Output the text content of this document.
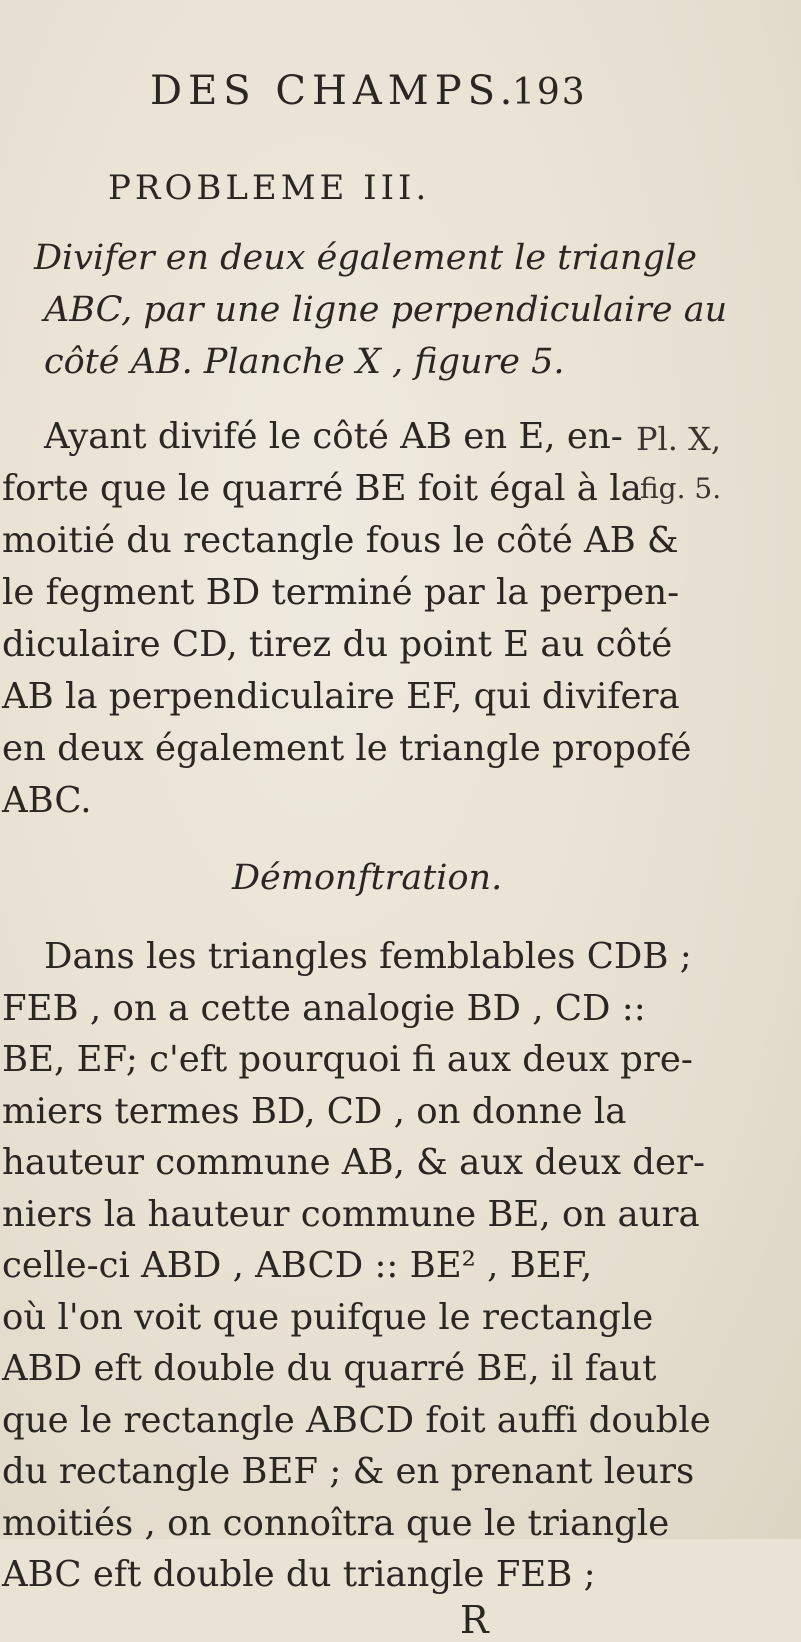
DES CHAMPS.
193
PROBLEME III.
Divifer en deux également le triangle
ABC, par une ligne perpendiculaire au
côté AB. Planche X , figure 5.
Ayant divifé le côté AB en E, en-
forte que le quarré BE foit égal à la
moitié du rectangle fous le côté AB &
le fegment BD terminé par la perpen-
diculaire CD, tirez du point E au côté
AB la perpendiculaire EF, qui divifera
en deux également le triangle propofé
ABC.
Pl. X,
fig. 5.
Démonftration.
Dans les triangles femblables CDB ;
FEB , on a cette analogie BD , CD ::
BE, EF; c'eft pourquoi fi aux deux pre-
miers termes BD, CD , on donne la
hauteur commune AB, & aux deux der-
niers la hauteur commune BE, on aura
celle-ci ABD , ABCD :: BE² , BEF,
où l'on voit que puifque le rectangle
ABD eft double du quarré BE, il faut
que le rectangle ABCD foit auffi double
du rectangle BEF ; & en prenant leurs
moitiés , on connoîtra que le triangle
R
ABC eft double du triangle FEB ;
